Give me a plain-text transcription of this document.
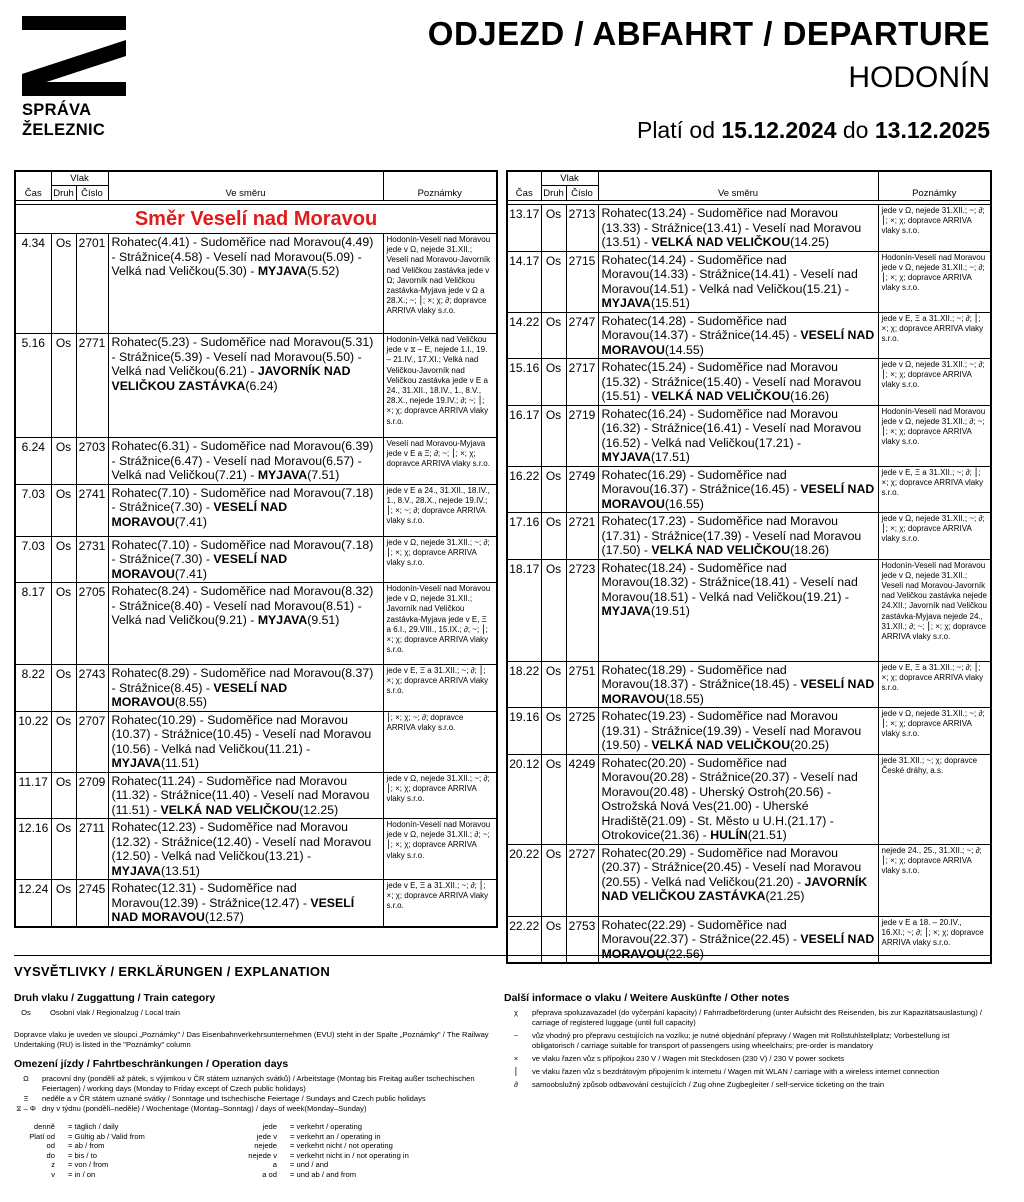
SPRÁVA
ŽELEZNIC
ODJEZD / ABFAHRT / DEPARTURE
HODONÍN
Platí od 15.12.2024 do 13.12.2025
Čas	Vlak		Ve směru	Poznámky
	Druh	Číslo		

Směr Veselí nad Moravou				
4.34	Os	2701	Rohatec(4.41) - Sudoměřice nad Moravou(4.49) - Strážnice(4.58) - Veselí nad Moravou(5.09) - Velká nad Veličkou(5.30) - MYJAVA(5.52)	Hodonín-Veselí nad Moravou jede v Ω, nejede 31.XII.; Veselí nad Moravou-Javorník nad Veličkou zastávka jede v Ω; Javorník nad Veličkou zastávka-Myjava jede v Ω a 28.X.; ~; ⎮; ×; χ; ∂; dopravce ARRIVA vlaky s.r.o.
5.16	Os	2771	Rohatec(5.23) - Sudoměřice nad Moravou(5.31) - Strážnice(5.39) - Veselí nad Moravou(5.50) - Velká nad Veličkou(6.21) - JAVORNÍK NAD VELIČKOU ZASTÁVKA(6.24)	Hodonín-Velká nad Veličkou jede v ⧖ – Ε, nejede 1.I., 19. – 21.IV., 17.XI.; Velká nad Veličkou-Javorník nad Veličkou zastávka jede v Ε a 24., 31.XII., 18.IV., 1., 8.V., 28.X., nejede 19.IV.; ∂; ~; ⎮; ×; χ; dopravce ARRIVA vlaky s.r.o.
6.24	Os	2703	Rohatec(6.31) - Sudoměřice nad Moravou(6.39) - Strážnice(6.47) - Veselí nad Moravou(6.57) - Velká nad Veličkou(7.21) - MYJAVA(7.51)	Veselí nad Moravou-Myjava jede v Ε a Ξ; ∂; ~; ⎮; ×; χ; dopravce ARRIVA vlaky s.r.o.
7.03	Os	2741	Rohatec(7.10) - Sudoměřice nad Moravou(7.18) - Strážnice(7.30) - VESELÍ NAD MORAVOU(7.41)	jede v Ε a 24., 31.XII., 18.IV., 1., 8.V., 28.X., nejede 19.IV.; ⎮; ×; ~; ∂; dopravce ARRIVA vlaky s.r.o.
7.03	Os	2731	Rohatec(7.10) - Sudoměřice nad Moravou(7.18) - Strážnice(7.30) - VESELÍ NAD MORAVOU(7.41)	jede v Ω, nejede 31.XII.; ~; ∂; ⎮; ×; χ; dopravce ARRIVA vlaky s.r.o.
8.17	Os	2705	Rohatec(8.24) - Sudoměřice nad Moravou(8.32) - Strážnice(8.40) - Veselí nad Moravou(8.51) - Velká nad Veličkou(9.21) - MYJAVA(9.51)	Hodonín-Veselí nad Moravou jede v Ω, nejede 31.XII.; Javorník nad Veličkou zastávka-Myjava jede v Ε, Ξ a 6.I., 29.VIII., 15.IX.; ∂; ~; ⎮; ×; χ; dopravce ARRIVA vlaky s.r.o.
8.22	Os	2743	Rohatec(8.29) - Sudoměřice nad Moravou(8.37) - Strážnice(8.45) - VESELÍ NAD MORAVOU(8.55)	jede v Ε, Ξ a 31.XII.; ~; ∂; ⎮; ×; χ; dopravce ARRIVA vlaky s.r.o.
10.22	Os	2707	Rohatec(10.29) - Sudoměřice nad Moravou (10.37) - Strážnice(10.45) - Veselí nad Moravou (10.56) - Velká nad Veličkou(11.21) - MYJAVA(11.51)	⎮; ×; χ; ~; ∂; dopravce ARRIVA vlaky s.r.o.
11.17	Os	2709	Rohatec(11.24) - Sudoměřice nad Moravou (11.32) - Strážnice(11.40) - Veselí nad Moravou (11.51) - VELKÁ NAD VELIČKOU(12.25)	jede v Ω, nejede 31.XII.; ~; ∂; ⎮; ×; χ; dopravce ARRIVA vlaky s.r.o.
12.16	Os	2711	Rohatec(12.23) - Sudoměřice nad Moravou (12.32) - Strážnice(12.40) - Veselí nad Moravou (12.50) - Velká nad Veličkou(13.21) - MYJAVA(13.51)	Hodonín-Veselí nad Moravou jede v Ω, nejede 31.XII.; ∂; ~; ⎮; ×; χ; dopravce ARRIVA vlaky s.r.o.
12.24	Os	2745	Rohatec(12.31) - Sudoměřice nad Moravou(12.39) - Strážnice(12.47) - VESELÍ NAD MORAVOU(12.57)	jede v Ε, Ξ a 31.XII.; ~; ∂; ⎮; ×; χ; dopravce ARRIVA vlaky s.r.o.
Čas	Vlak		Ve směru	Poznámky
	Druh	Číslo		

13.17	Os	2713	Rohatec(13.24) - Sudoměřice nad Moravou (13.33) - Strážnice(13.41) - Veselí nad Moravou (13.51) - VELKÁ NAD VELIČKOU(14.25)	jede v Ω, nejede 31.XII.; ~; ∂; ⎮; ×; χ; dopravce ARRIVA vlaky s.r.o.
14.17	Os	2715	Rohatec(14.24) - Sudoměřice nad Moravou(14.33) - Strážnice(14.41) - Veselí nad Moravou(14.51) - Velká nad Veličkou(15.21) - MYJAVA(15.51)	Hodonín-Veselí nad Moravou jede v Ω, nejede 31.XII.; ~; ∂; ⎮; ×; χ; dopravce ARRIVA vlaky s.r.o.
14.22	Os	2747	Rohatec(14.28) - Sudoměřice nad Moravou(14.37) - Strážnice(14.45) - VESELÍ NAD MORAVOU(14.55)	jede v Ε, Ξ a 31.XII.; ~; ∂; ⎮; ×; χ; dopravce ARRIVA vlaky s.r.o.
15.16	Os	2717	Rohatec(15.24) - Sudoměřice nad Moravou (15.32) - Strážnice(15.40) - Veselí nad Moravou (15.51) - VELKÁ NAD VELIČKOU(16.26)	jede v Ω, nejede 31.XII.; ~; ∂; ⎮; ×; χ; dopravce ARRIVA vlaky s.r.o.
16.17	Os	2719	Rohatec(16.24) - Sudoměřice nad Moravou (16.32) - Strážnice(16.41) - Veselí nad Moravou (16.52) - Velká nad Veličkou(17.21) - MYJAVA(17.51)	Hodonín-Veselí nad Moravou jede v Ω, nejede 31.XII.; ∂; ~; ⎮; ×; χ; dopravce ARRIVA vlaky s.r.o.
16.22	Os	2749	Rohatec(16.29) - Sudoměřice nad Moravou(16.37) - Strážnice(16.45) - VESELÍ NAD MORAVOU(16.55)	jede v Ε, Ξ a 31.XII.; ~; ∂; ⎮; ×; χ; dopravce ARRIVA vlaky s.r.o.
17.16	Os	2721	Rohatec(17.23) - Sudoměřice nad Moravou (17.31) - Strážnice(17.39) - Veselí nad Moravou (17.50) - VELKÁ NAD VELIČKOU(18.26)	jede v Ω, nejede 31.XII.; ~; ∂; ⎮; ×; χ; dopravce ARRIVA vlaky s.r.o.
18.17	Os	2723	Rohatec(18.24) - Sudoměřice nad Moravou(18.32) - Strážnice(18.41) - Veselí nad Moravou(18.51) - Velká nad Veličkou(19.21) - MYJAVA(19.51)	Hodonín-Veselí nad Moravou jede v Ω, nejede 31.XII.; Veselí nad Moravou-Javorník nad Veličkou zastávka nejede 24.XII.; Javorník nad Veličkou zastávka-Myjava nejede 24., 31.XII.; ∂; ~; ⎮; ×; χ; dopravce ARRIVA vlaky s.r.o.
18.22	Os	2751	Rohatec(18.29) - Sudoměřice nad Moravou(18.37) - Strážnice(18.45) - VESELÍ NAD MORAVOU(18.55)	jede v Ε, Ξ a 31.XII.; ~; ∂; ⎮; ×; χ; dopravce ARRIVA vlaky s.r.o.
19.16	Os	2725	Rohatec(19.23) - Sudoměřice nad Moravou (19.31) - Strážnice(19.39) - Veselí nad Moravou (19.50) - VELKÁ NAD VELIČKOU(20.25)	jede v Ω, nejede 31.XII.; ~; ∂; ⎮; ×; χ; dopravce ARRIVA vlaky s.r.o.
20.12	Os	4249	Rohatec(20.20) - Sudoměřice nad Moravou(20.28) - Strážnice(20.37) - Veselí nad Moravou(20.48) - Uherský Ostroh(20.56) - Ostrožská Nová Ves(21.00) - Uherské Hradiště(21.09) - St. Město u U.H.(21.17) - Otrokovice(21.36) - HULÍN(21.51)	jede 31.XII.; ~; χ; dopravce České dráhy, a.s.
20.22	Os	2727	Rohatec(20.29) - Sudoměřice nad Moravou (20.37) - Strážnice(20.45) - Veselí nad Moravou (20.55) - Velká nad Veličkou(21.20) - JAVORNÍK NAD VELIČKOU ZASTÁVKA(21.25)	nejede 24., 25., 31.XII.; ~; ∂; ⎮; ×; χ; dopravce ARRIVA vlaky s.r.o.
22.22	Os	2753	Rohatec(22.29) - Sudoměřice nad Moravou(22.37) - Strážnice(22.45) - VESELÍ NAD MORAVOU(22.56)	jede v Ε a 18. – 20.IV., 16.XI.; ~; ∂; ⎮; ×; χ; dopravce ARRIVA vlaky s.r.o.
VYSVĚTLIVKY / ERKLÄRUNGEN / EXPLANATION
Druh vlaku / Zuggattung / Train category
Os	Osobní vlak / Regionalzug / Local train
Dopravce vlaku je uveden ve sloupci „Poznámky" / Das Eisenbahnverkehrsunternehmen (EVU) steht in der Spalte „Poznámky" / The Railway Undertaking (RU) is listed in the "Poznámky" column
Omezení jízdy / Fahrtbeschränkungen / Operation days
Ω	pracovní dny (pondělí až pátek, s výjimkou v ČR státem uznaných svátků) / Arbeitstage (Montag bis Freitag außer tschechischen Feiertagen) / working days (Monday to Friday except of Czech public holidays)
Ξ	neděle a v ČR státem uznané svátky / Sonntage und tschechische Feiertage / Sundays and Czech public holidays
⧖ – Φ dny v týdnu (pondělí–neděle) / Wochentage (Montag–Sonntag) / days of week(Monday–Sunday)
denně	= täglich / daily	jede	= verkehrt / operating
Platí od	= Gültig ab / Valid from	jede v	= verkehrt an / operating in
od	= ab / from	nejede	= verkehrt nicht / not operating
do	= bis / to	nejede v	= verkehrt nicht in / not operating in
z	= von / from	a	= und / and
v	= in / on	a od	= und ab / and from
Další informace o vlaku / Weitere Auskünfte / Other notes
χ	přeprava spoluzavazadel (do vyčerpání kapacity) / Fahrradbeförderung (unter Aufsicht des Reisenden, bis zur Kapazitätsauslastung) / carriage of registered luggage (until full capacity)
~	vůz vhodný pro přepravu cestujících na vozíku; je nutné objednání přepravy / Wagen mit Rollstuhlstellplatz; Vorbestellung ist obligatorisch / carriage suitable for transport of passengers using wheelchairs; pre-order is mandatory
×	ve vlaku řazen vůz s přípojkou 230 V / Wagen mit Steckdosen (230 V) / 230 V power sockets
⎮	ve vlaku řazen vůz s bezdrátovým připojením k internetu / Wagen mit WLAN / carriage with a wireless internet connection
∂	samoobslužný způsob odbavování cestujících / Zug ohne Zugbegleiter / self-service ticketing on the train
